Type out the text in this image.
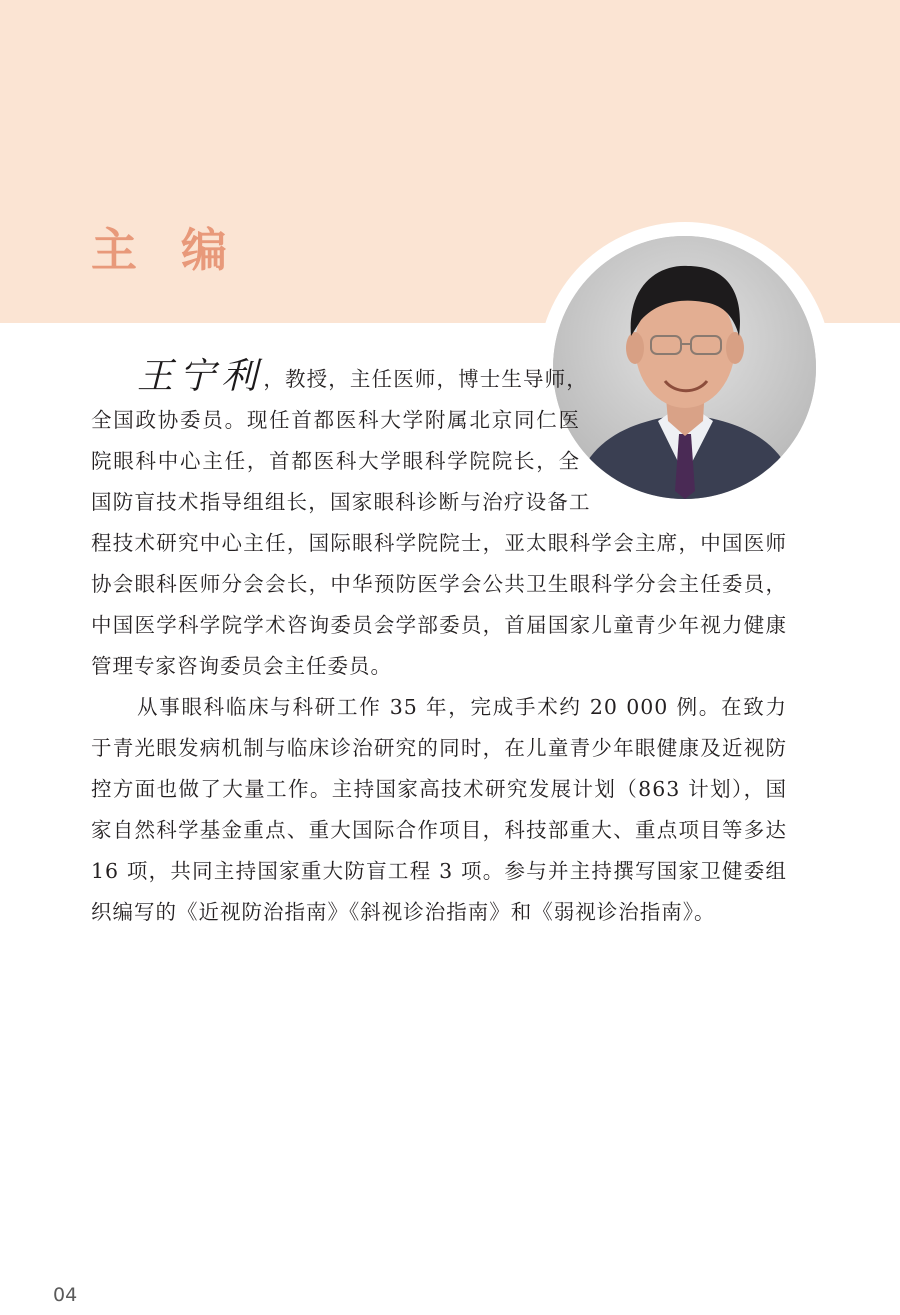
主 编

王宁利，教授，主任医师，博士生导师，全国政协委员。现任首都医科大学附属北京同仁医院眼科中心主任，首都医科大学眼科学院院长，全国防盲技术指导组组长，国家眼科诊断与治疗设备工程技术研究中心主任，国际眼科学院院士，亚太眼科学会主席，中国医师协会眼科医师分会会长，中华预防医学会公共卫生眼科学分会主任委员，中国医学科学院学术咨询委员会学部委员，首届国家儿童青少年视力健康管理专家咨询委员会主任委员。

从事眼科临床与科研工作 35 年，完成手术约 20 000 例。在致力于青光眼发病机制与临床诊治研究的同时，在儿童青少年眼健康及近视防控方面也做了大量工作。主持国家高技术研究发展计划（863 计划），国家自然科学基金重点、重大国际合作项目，科技部重大、重点项目等多达 16 项，共同主持国家重大防盲工程 3 项。参与并主持撰写国家卫健委组织编写的《近视防治指南》《斜视诊治指南》和《弱视诊治指南》。

04
